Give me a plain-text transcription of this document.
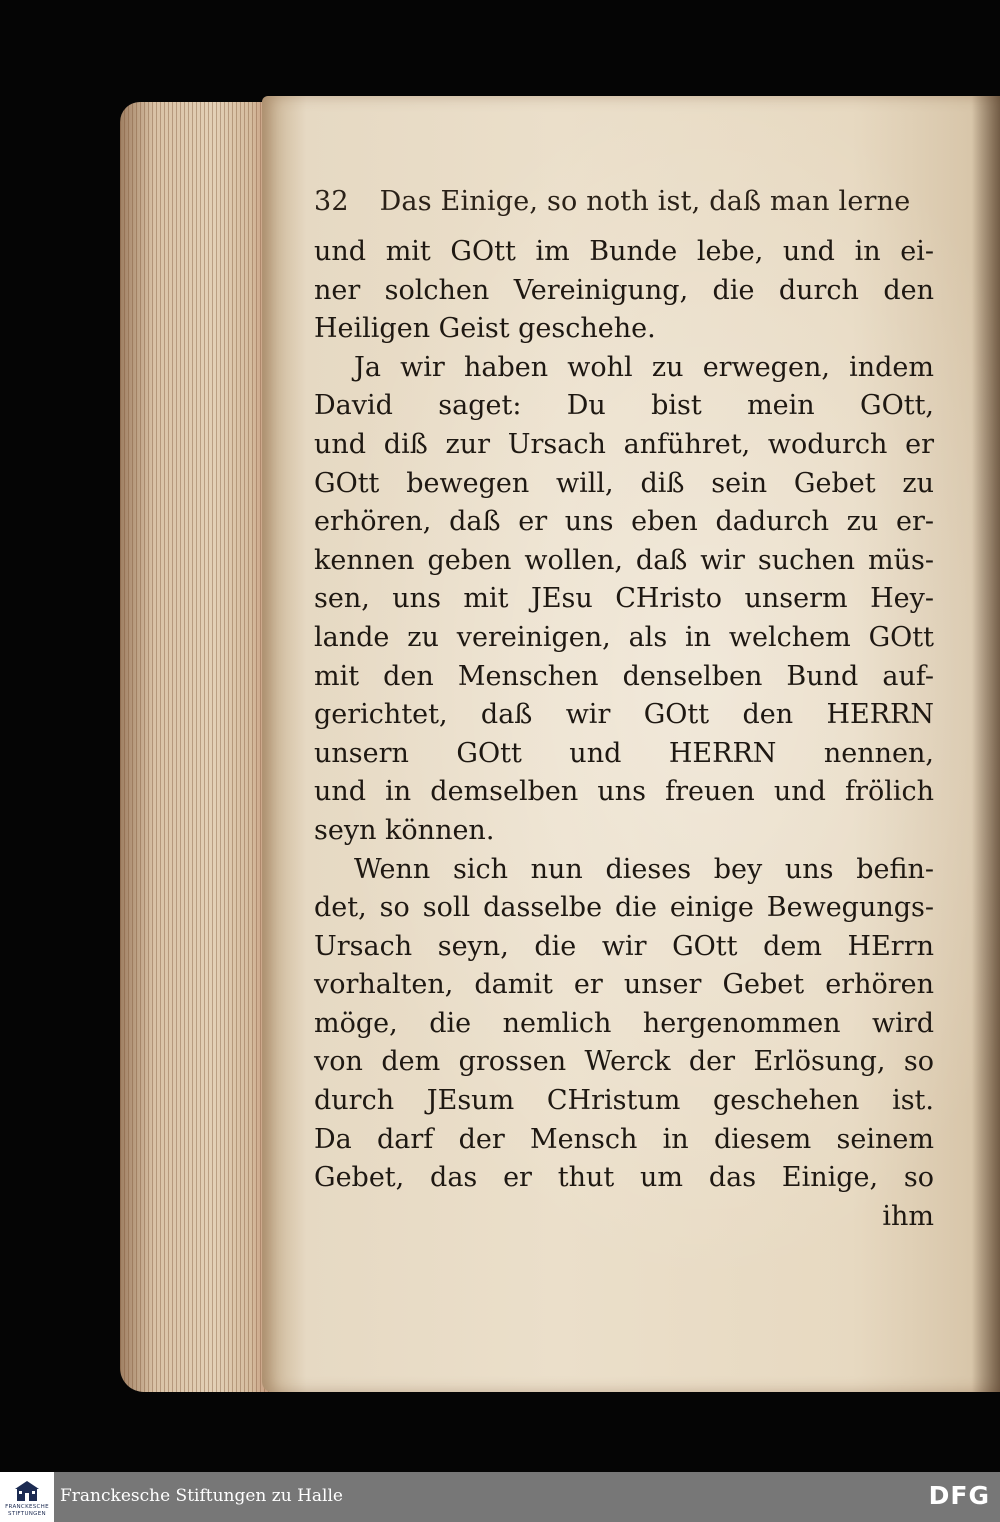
32 Das Einige, so noth ist, daß man lerne
und mit GOtt im Bunde lebe, und in ei-
ner solchen Vereinigung, die durch den
Heiligen Geist geschehe.
Ja wir haben wohl zu erwegen, indem
David saget: Du bist mein GOtt,
und diß zur Ursach anführet, wodurch er
GOtt bewegen will, diß sein Gebet zu
erhören, daß er uns eben dadurch zu er-
kennen geben wollen, daß wir suchen müs-
sen, uns mit JEsu CHristo unserm Hey-
lande zu vereinigen, als in welchem GOtt
mit den Menschen denselben Bund auf-
gerichtet, daß wir GOtt den HERRN
unsern GOtt und HERRN nennen,
und in demselben uns freuen und frölich
seyn können.
Wenn sich nun dieses bey uns befin-
det, so soll dasselbe die einige Bewegungs-
Ursach seyn, die wir GOtt dem HErrn
vorhalten, damit er unser Gebet erhören
möge, die nemlich hergenommen wird
von dem grossen Werck der Erlösung, so
durch JEsum CHristum geschehen ist.
Da darf der Mensch in diesem seinem
Gebet, das er thut um das Einige, so
ihm
FRANCKESCHE STIFTUNGEN
Franckesche Stiftungen zu Halle	DFG
